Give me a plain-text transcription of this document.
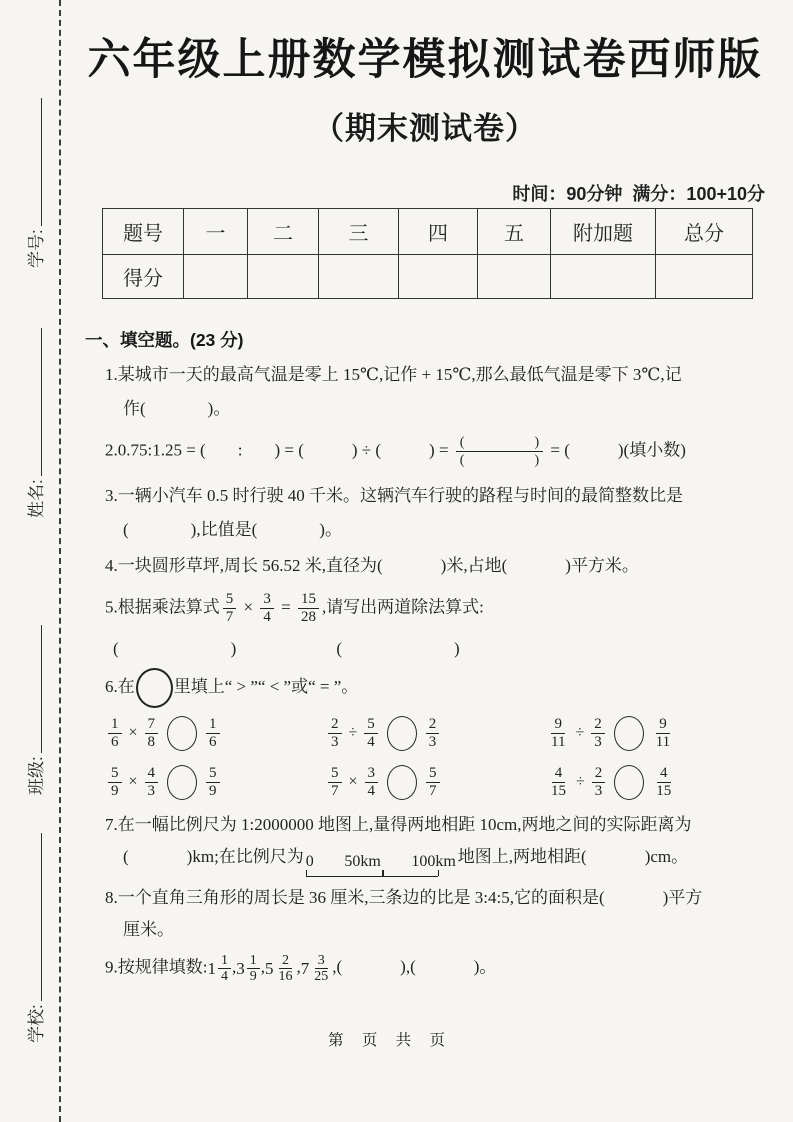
学号:
姓名:
班级:
学校:
六年级上册数学模拟测试卷西师版
（期末测试卷）
时间：90分钟  满分：100+10分
题号	一	二	三	四	五	附加题	总分
得分							
一、填空题。(23 分)
1.某城市一天的最高气温是零上 15℃,记作 + 15℃,那么最低气温是零下 3℃,记
作(	)。
2.0.75:1.25 = ( : ) = (	) ÷ (	) = $\frac{( )}{( )}$ = (	)(填小数)
3.一辆小汽车 0.5 时行驶 40 千米。这辆汽车行驶的路程与时间的最简整数比是
(	),比值是(	)。
4.一块圆形草坪,周长 56.52 米,直径为(	)米,占地(	)平方米。
5.根据乘法算式 $\frac{5}{7} \times \frac{3}{4} = \frac{15}{28}$ ,请写出两道除法算式:
(	)	(	)
6.在 里填上“ > ”“ < ”或“ = ”。
$\frac{1}{6} \times \frac{7}{8}$	$\frac{1}{6}$	$\frac{2}{3} \div \frac{5}{4}$	$\frac{2}{3}$	$\frac{9}{11} \div \frac{2}{3}$	$\frac{9}{11}$
$\frac{5}{9} \times \frac{4}{3}$	$\frac{5}{9}$	$\frac{5}{7} \times \frac{3}{4}$	$\frac{5}{7}$	$\frac{4}{15} \div \frac{2}{3}$	$\frac{4}{15}$
7.在一幅比例尺为 1:2000000 地图上,量得两地相距 10cm,两地之间的实际距离为
(	)km;在比例尺为 0 50km 100km 地图上,两地相距(	)cm。
8.一个直角三角形的周长是 36 厘米,三条边的比是 3:4:5,它的面积是(	)平方
厘米。
9.按规律填数: $1 \frac{1}{4}$ , $3 \frac{1}{9}$ , $5 \frac{2}{16}$ , $7 \frac{3}{25}$ ,(	),(	)。
第 页 共 页
